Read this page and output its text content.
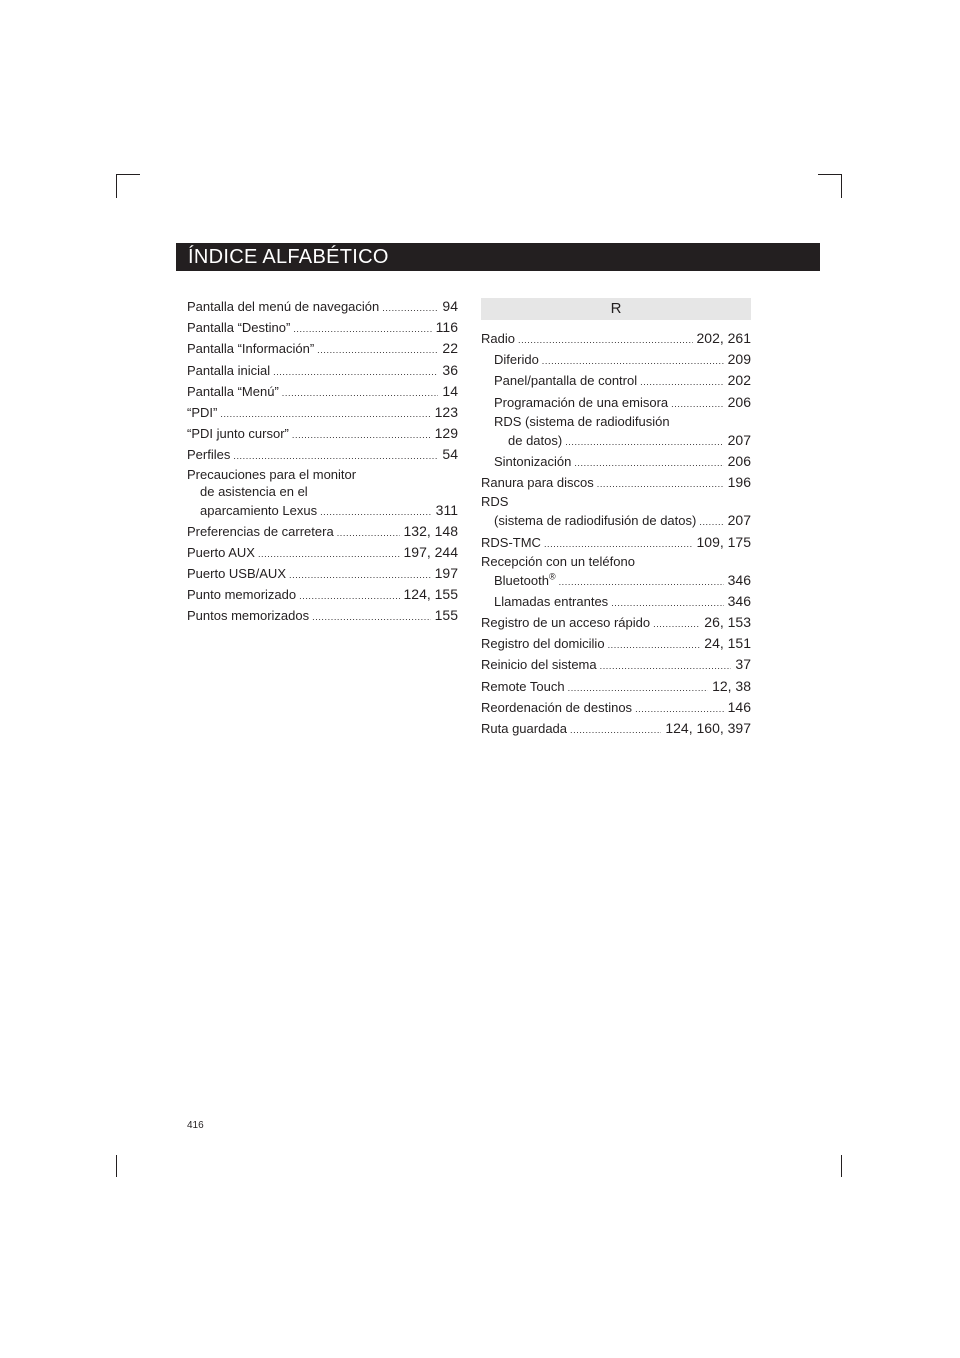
ÍNDICE ALFABÉTICO
Pantalla del menú de navegación .....	94
Pantalla “Destino” .....	116
Pantalla “Información” .....	22
Pantalla inicial .....	36
Pantalla “Menú” .....	14
“PDI” .....	123
“PDI junto cursor” .....	129
Perfiles .....	54
Precauciones para el monitor
de asistencia en el
aparcamiento Lexus .....	311
Preferencias de carretera .....	132, 148
Puerto AUX .....	197, 244
Puerto USB/AUX .....	197
Punto memorizado .....	124, 155
Puntos memorizados .....	155
R
Radio .....	202, 261
Diferido .....	209
Panel/pantalla de control .....	202
Programación de una emisora .....	206
RDS (sistema de radiodifusión
de datos) .....	207
Sintonización .....	206
Ranura para discos .....	196
RDS
(sistema de radiodifusión de datos) ..... 207
RDS-TMC .....	109, 175
Recepción con un teléfono
Bluetooth® .....	346
Llamadas entrantes .....	346
Registro de un acceso rápido .....	26, 153
Registro del domicilio .....	24, 151
Reinicio del sistema .....	37
Remote Touch .....	12, 38
Reordenación de destinos .....	146
Ruta guardada .....	124, 160, 397
416
